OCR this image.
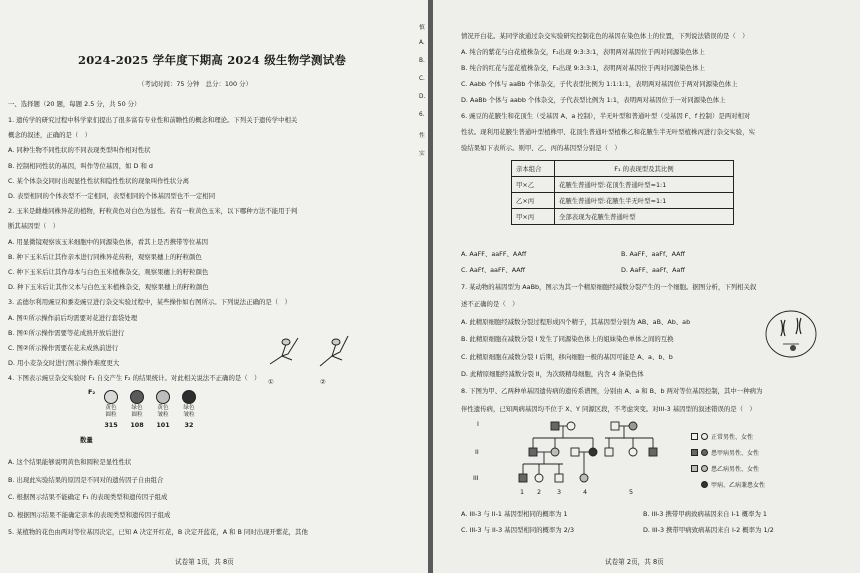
2024-2025 学年度下期高 2024 级生物学测试卷
（考试时间：75 分钟　总分：100 分）
一、选择题（20 题，每题 2.5 分，共 50 分）
1. 遗传学的研究过程中科学家们提出了很多富有专业性和前瞻性的概念和理论。下列关于遗传学中相关
概念的叙述，正确的是（　）
A. 同种生物不同性状的不同表现类型叫作相对性状
B. 控制相同性状的基因，叫作等位基因，如 D 和 d
C. 某个体杂交同时出现显性性状和隐性性状的现象叫作性状分离
D. 表型相同的个体表型不一定相同，表型相同的个体基因型也不一定相同
2. 玉米是雌雄同株异花的植物，籽粒黄色对白色为显性。若有一粒黄色玉米，以下哪种方法不能用于判
断其基因型（　）
A. 用显微镜观察该玉米细胞中的同源染色体，看其上是否携带等位基因
B. 种下玉米后让其作亲本进行同株异花传粉，观察果穗上的籽粒颜色
C. 种下玉米后让其作母本与白色玉米植株杂交，观察果穗上的籽粒颜色
D. 种下玉米后让其作父本与白色玉米植株杂交，观察果穗上的籽粒颜色
3. 孟德尔利用豌豆和黍麦豌豆进行杂交实验过程中，某些操作如右图所示。下列说法正确的是（　）
A. 图①所示操作前后均需要对花进行套袋处理
B. 图①所示操作需要等花成熟开放后进行
C. 图②所示操作需要在花未成熟前进行
D. 用小麦杂交时进行图示操作难度更大
4. 下图表示豌豆杂交实验时 F₁ 自交产生 F₂ 的结果统计。对此相关说法不正确的是（　） ①	②
F₂
黄色圆粒
315
绿色圆粒
108
黄色皱粒
101
绿色皱粒
32
数量
A. 这个结果能够说明黄色和圆粒是显性性状
B. 出现此实验结果的原因是不同对的遗传因子自由组合
C. 根据图示结果不能确定 F₁ 的表现类型和遗传因子组成
D. 根据图示结果不能确定亲本的表现类型和遗传因子组成
5. 某植物的花色由两对等位基因决定，已知 A 决定开红花，B 决定开蓝花，A 和 B 同时出现开紫花，其他
试卷第 1页，共 8页
慎
A.
B.
C.
D.
6.
性
实
情况开白花。某同学欲通过杂交实验研究控制花色的基因在染色体上的位置，下列说法错误的是（　）
A. 纯合的紫花与白花植株杂交，F₂出现 9:3:3:1，表明两对基因位于两对同源染色体上
B. 纯合的红花与蓝花植株杂交，F₂出现 9:3:3:1，表明两对基因位于两对同源染色体上
C. Aabb 个体与 aaBb 个体杂交，子代表型比例为 1:1:1:1，表明两对基因位于两对同源染色体上
D. AaBb 个体与 aabb 个体杂交，子代表型比例为 1:1，表明两对基因位于一对同源染色体上
6. 豌豆的花腋生和花顶生（受基因 A、a 控制），半无叶型和普通叶型（受基因 F、f 控制）是两对相对
性状。现利用花腋生普通叶型植株甲、花顶生普通叶型植株乙和花腋生半无叶型植株丙进行杂交实验，实
验结果如下表所示。则甲、乙、丙的基因型分别是（　）
亲本组合	F₁ 的表现型及其比例
甲×乙	花腋生普通叶型:花顶生普通叶型=1:1
乙×丙	花腋生普通叶型:花腋生半无叶型=1:1
甲×丙	全部表现为花腋生普通叶型
A. AaFF、aaFF、AAff	B. AaFF、aaFf、AAff
C. AaFf、aaFF、AAff	D. AaFF、aaFf、Aaff
7. 某动物的基因型为 AaBb，图示为其一个精原细胞经减数分裂产生的一个细胞。据图分析，下列相关叙
述不正确的是（　）
A. 此精原细胞经减数分裂过程形成四个精子，其基因型分别为 AB、aB、Ab、ab
B. 此精原细胞在减数分裂 I 发生了同源染色体上的姐妹染色单体之间的互换
C. 此精原细胞在减数分裂 I 后期，移向细胞一极的基因可能是 A、a、b、b
D. 此精原细胞经减数分裂 II，为次级精母细胞，内含 4 条染色体
8. 下图为甲、乙两种单基因遗传病的遗传系谱图，分别由 A、a 和 B、b 两对等位基因控制，其中一种病为
伴性遗传病，已知两病基因均不位于 X、Y 同源区段，不考虑突变。对III-3 基因型的叙述错误的是（　）
I
II
III
1 2 3	4	5
正常男性、女性
患甲病男性、女性
患乙病男性、女性
甲病、乙病兼患女性
A. III-3 与 II-1 基因型相同的概率为 1	B. III-3 携带甲病致病基因来自 I-1 概率为 1
C. III-3 与 II-3 基因型相同的概率为 2/3	D. III-3 携带甲病致病基因来自 I-2 概率为 1/2
试卷第 2页，共 8页
